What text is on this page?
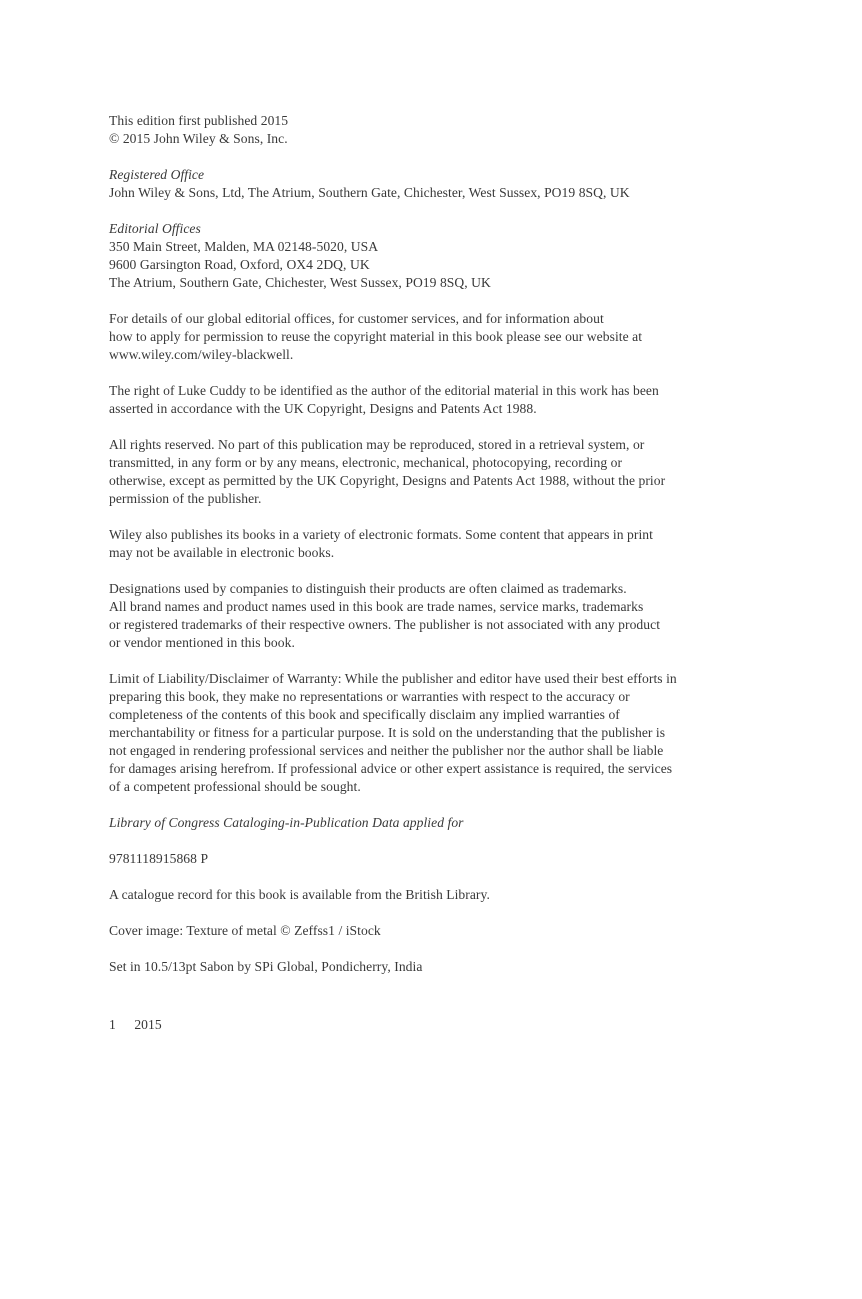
This edition first published 2015
© 2015 John Wiley & Sons, Inc.

Registered Office
John Wiley & Sons, Ltd, The Atrium, Southern Gate, Chichester, West Sussex, PO19 8SQ, UK

Editorial Offices
350 Main Street, Malden, MA 02148-5020, USA
9600 Garsington Road, Oxford, OX4 2DQ, UK
The Atrium, Southern Gate, Chichester, West Sussex, PO19 8SQ, UK

For details of our global editorial offices, for customer services, and for information about
how to apply for permission to reuse the copyright material in this book please see our website at
www.wiley.com/wiley-blackwell.

The right of Luke Cuddy to be identified as the author of the editorial material in this work has been
asserted in accordance with the UK Copyright, Designs and Patents Act 1988.

All rights reserved. No part of this publication may be reproduced, stored in a retrieval system, or
transmitted, in any form or by any means, electronic, mechanical, photocopying, recording or
otherwise, except as permitted by the UK Copyright, Designs and Patents Act 1988, without the prior
permission of the publisher.

Wiley also publishes its books in a variety of electronic formats. Some content that appears in print
may not be available in electronic books.

Designations used by companies to distinguish their products are often claimed as trademarks.
All brand names and product names used in this book are trade names, service marks, trademarks
or registered trademarks of their respective owners. The publisher is not associated with any product
or vendor mentioned in this book.

Limit of Liability/Disclaimer of Warranty: While the publisher and editor have used their best efforts in
preparing this book, they make no representations or warranties with respect to the accuracy or
completeness of the contents of this book and specifically disclaim any implied warranties of
merchantability or fitness for a particular purpose. It is sold on the understanding that the publisher is
not engaged in rendering professional services and neither the publisher nor the author shall be liable
for damages arising herefrom. If professional advice or other expert assistance is required, the services
of a competent professional should be sought.

Library of Congress Cataloging-in-Publication Data applied for

9781118915868 P

A catalogue record for this book is available from the British Library.

Cover image: Texture of metal © Zeffss1 / iStock

Set in 10.5/13pt Sabon by SPi Global, Pondicherry, India

1 2015
